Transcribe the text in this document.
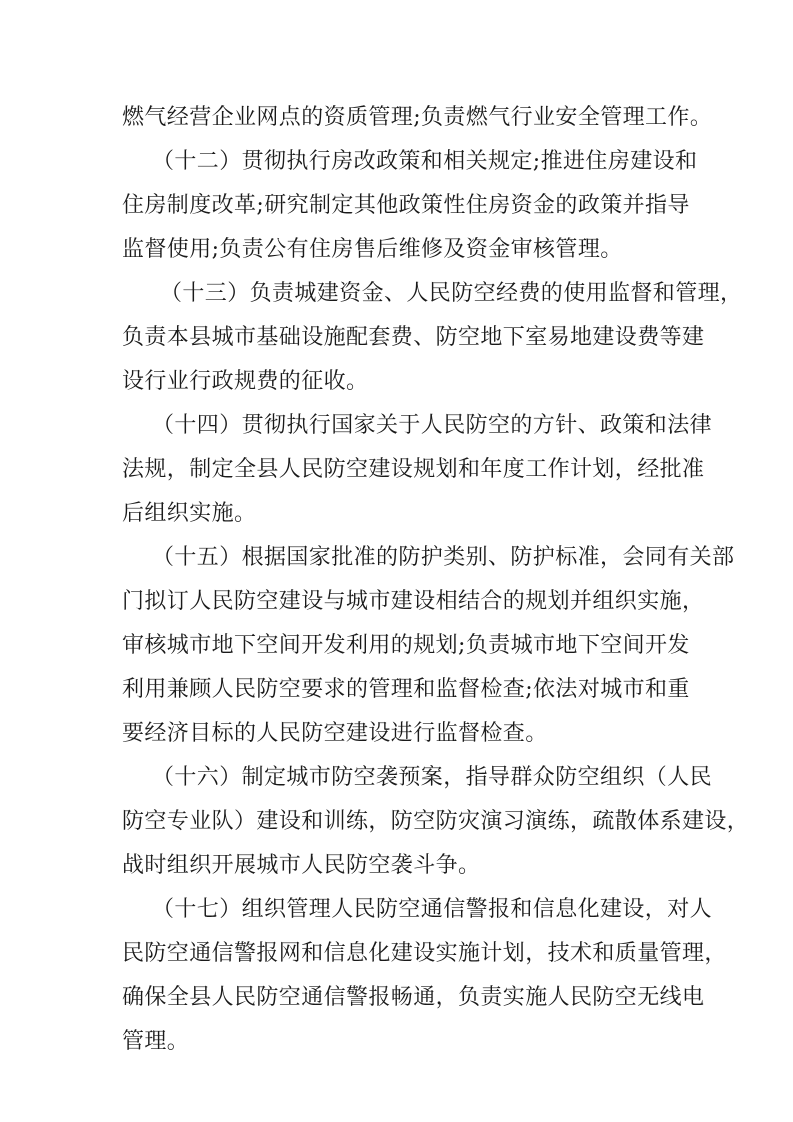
燃气经营企业网点的资质管理;负责燃气行业安全管理工作。
（十二）贯彻执行房改政策和相关规定;推进住房建设和
住房制度改革;研究制定其他政策性住房资金的政策并指导
监督使用;负责公有住房售后维修及资金审核管理。
（十三）负责城建资金、人民防空经费的使用监督和管理，
负责本县城市基础设施配套费、防空地下室易地建设费等建
设行业行政规费的征收。
（十四）贯彻执行国家关于人民防空的方针、政策和法律
法规，制定全县人民防空建设规划和年度工作计划，经批准
后组织实施。
（十五）根据国家批准的防护类别、防护标准，会同有关部
门拟订人民防空建设与城市建设相结合的规划并组织实施，
审核城市地下空间开发利用的规划;负责城市地下空间开发
利用兼顾人民防空要求的管理和监督检查;依法对城市和重
要经济目标的人民防空建设进行监督检查。
（十六）制定城市防空袭预案，指导群众防空组织（人民
防空专业队）建设和训练，防空防灾演习演练，疏散体系建设，
战时组织开展城市人民防空袭斗争。
（十七）组织管理人民防空通信警报和信息化建设，对人
民防空通信警报网和信息化建设实施计划，技术和质量管理，
确保全县人民防空通信警报畅通，负责实施人民防空无线电
管理。
